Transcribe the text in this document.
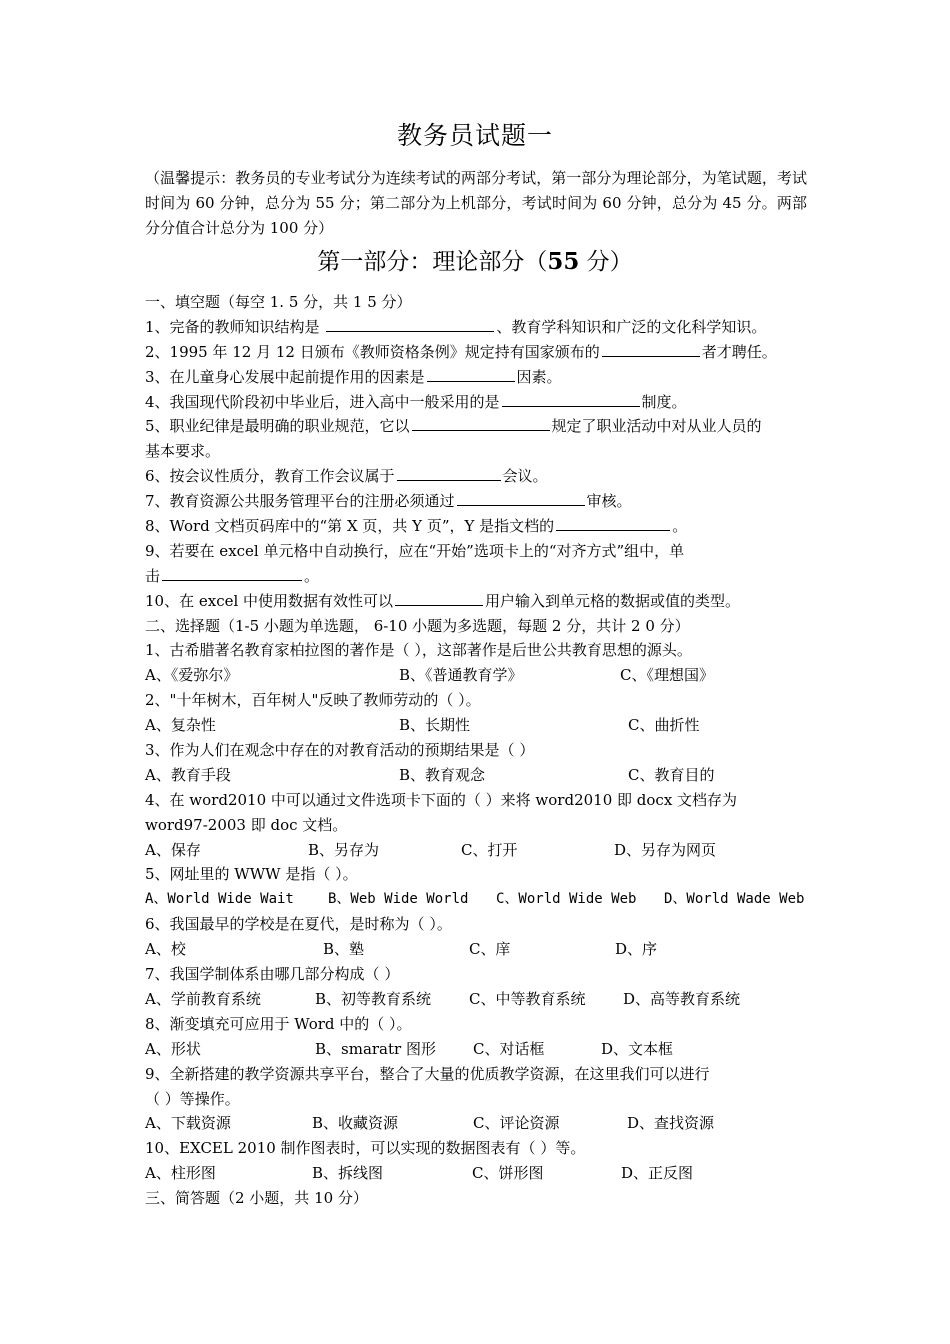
教务员试题一
（温馨提示：教务员的专业考试分为连续考试的两部分考试，第一部分为理论部分，为笔试题，考试时间为 60 分钟，总分为 55 分；第二部分为上机部分，考试时间为 60 分钟，总分为 45 分。两部分分值合计总分为 100 分）
第一部分：理论部分（55 分）
一、填空题（每空 1. 5 分，共 1 5 分）
1、完备的教师知识结构是	、教育学科知识和广泛的文化科学知识。
2、1995 年 12 月 12 日颁布《教师资格条例》规定持有国家颁布的	者才聘任。
3、在儿童身心发展中起前提作用的因素是	因素。
4、我国现代阶段初中毕业后，进入高中一般采用的是	制度。
5、职业纪律是最明确的职业规范，它以	规定了职业活动中对从业人员的
基本要求。
6、按会议性质分，教育工作会议属于	会议。
7、教育资源公共服务管理平台的注册必须通过	审核。
8、Word 文档页码库中的“第 X 页，共 Y 页”，Y 是指文档的	。
9、若要在 excel 单元格中自动换行，应在“开始”选项卡上的“对齐方式”组中，单
击	。
10、在 excel 中使用数据有效性可以	用户输入到单元格的数据或值的类型。
二、选择题（1-5 小题为单选题， 6-10 小题为多选题，每题 2 分，共计 2 0 分）
1、古希腊著名教育家柏拉图的著作是（ ），这部著作是后世公共教育思想的源头。
A、《爱弥尔》	B、《普通教育学》	C、《理想国》
2、"十年树木，百年树人"反映了教师劳动的（ ）。
A、复杂性	B、长期性	C、曲折性
3、作为人们在观念中存在的对教育活动的预期结果是（ ）
A、教育手段	B、教育观念	C、教育目的
4、在 word2010 中可以通过文件选项卡下面的（ ）来将 word2010 即 docx 文档存为
word97-2003 即 doc 文档。
A、保存	B、另存为	C、打开	D、另存为网页
5、网址里的 WWW 是指（ ）。
A、World Wide Wait	B、Web Wide World	C、World Wide Web	D、World Wade Web
6、我国最早的学校是在夏代，是时称为（ ）。
A、校	B、塾	C、庠	D、序
7、我国学制体系由哪几部分构成（ ）
A、学前教育系统	B、初等教育系统	C、中等教育系统	D、高等教育系统
8、渐变填充可应用于 Word 中的（ ）。
A、形状	B、smaratr 图形	C、对话框	D、文本框
9、全新搭建的教学资源共享平台，整合了大量的优质教学资源，在这里我们可以进行
（ ）等操作。
A、下载资源	B、收藏资源	C、评论资源	D、查找资源
10、EXCEL 2010 制作图表时，可以实现的数据图表有（ ）等。
A、柱形图	B、拆线图	C、饼形图	D、正反图
三、简答题（2 小题，共 10 分）
